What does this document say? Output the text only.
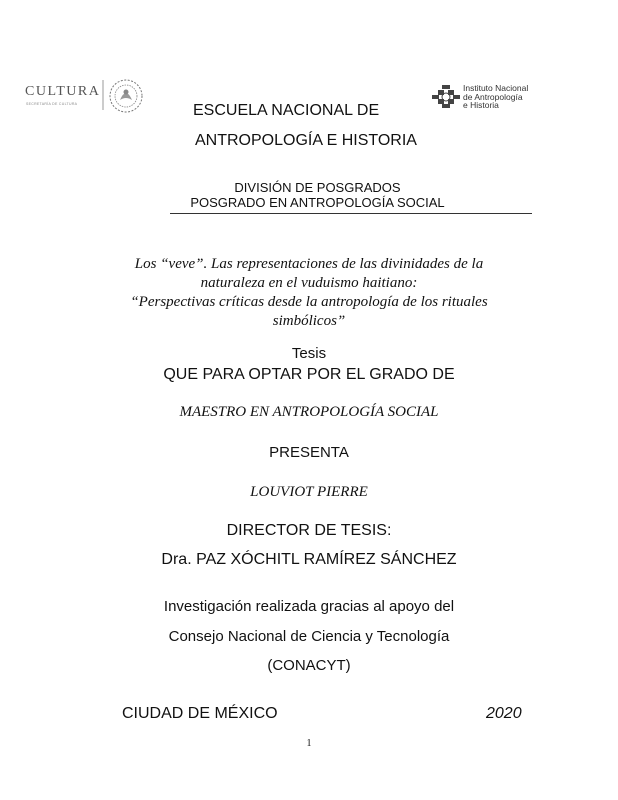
CULTURA
SECRETARÍA DE CULTURA
Instituto Nacional
de Antropología
e Historia
ESCUELA NACIONAL DE
ANTROPOLOGÍA E HISTORIA
DIVISIÓN DE POSGRADOS
POSGRADO EN ANTROPOLOGÍA SOCIAL
Los “veve”. Las representaciones de las divinidades de la
naturaleza en el vuduismo haitiano:
“Perspectivas críticas desde la antropología de los rituales
simbólicos”
Tesis
QUE PARA OPTAR POR EL GRADO DE
MAESTRO EN ANTROPOLOGÍA SOCIAL
PRESENTA
LOUVIOT PIERRE
DIRECTOR DE TESIS:
Dra. PAZ XÓCHITL RAMÍREZ SÁNCHEZ
Investigación realizada gracias al apoyo del
Consejo Nacional de Ciencia y Tecnología
(CONACYT)
CIUDAD DE MÉXICO	2020
1
